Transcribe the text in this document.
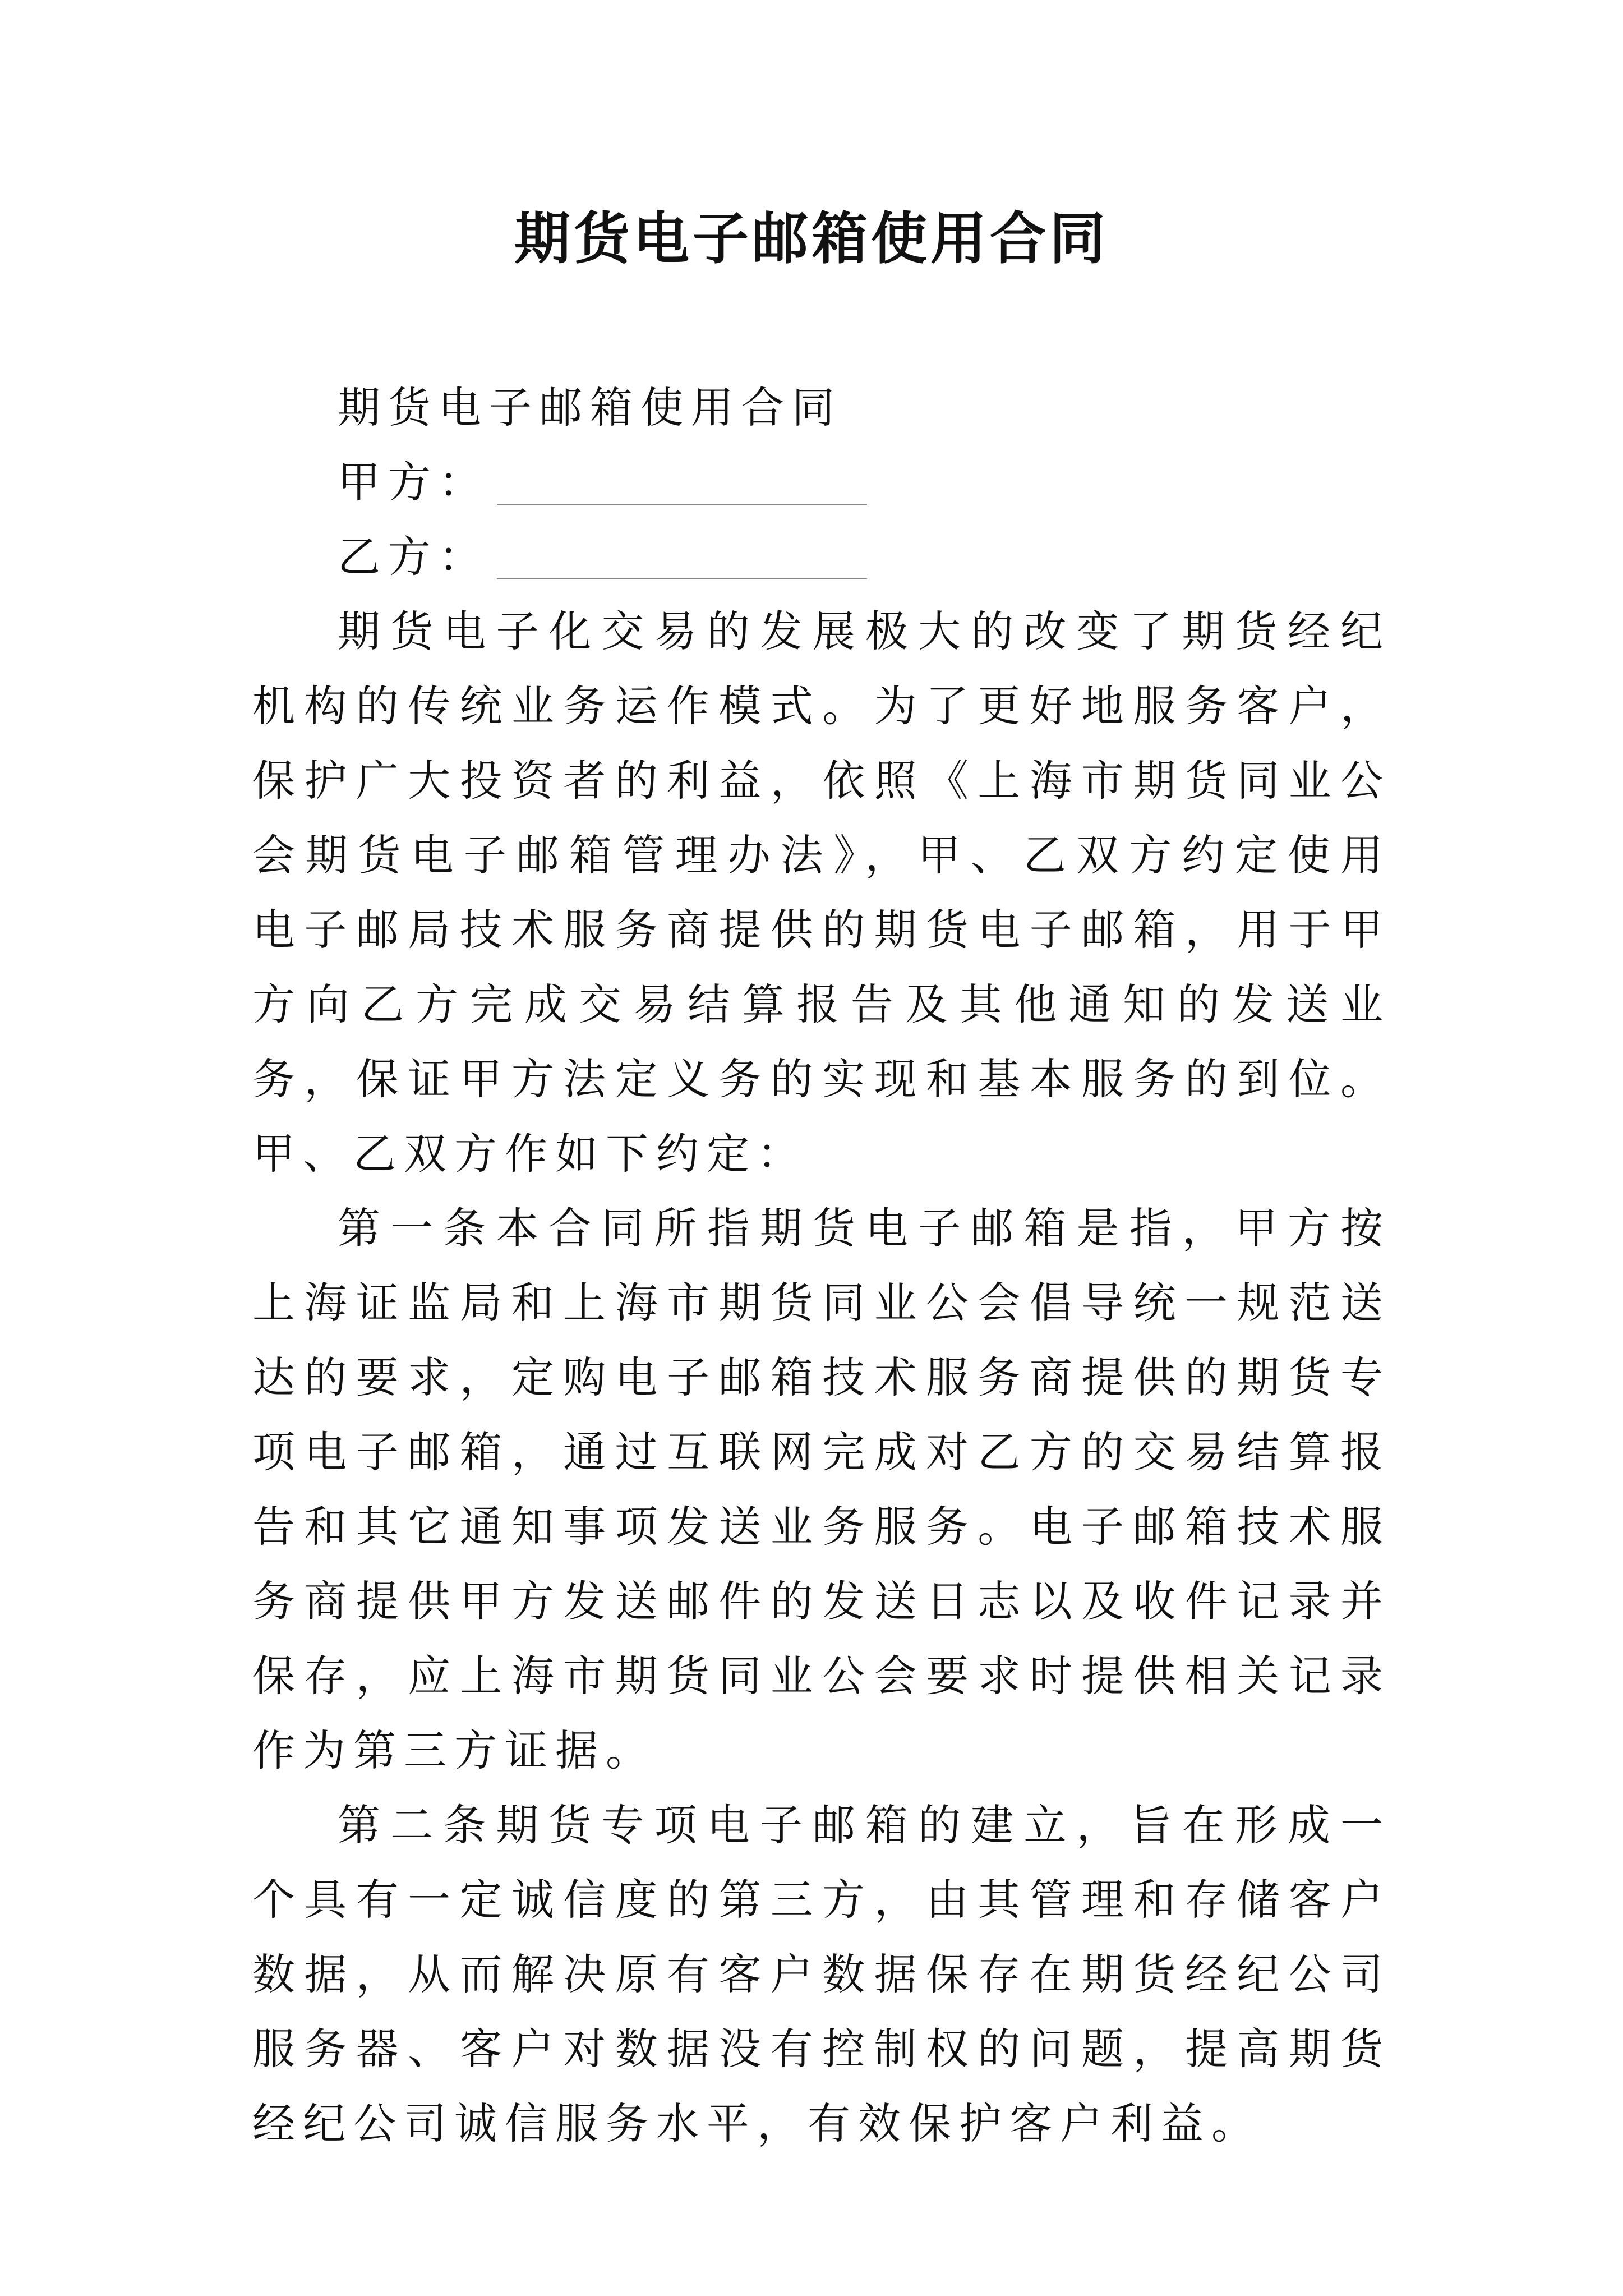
期货电子邮箱使用合同

期货电子邮箱使用合同

甲方：

乙方：

期货电子化交易的发展极大的改变了期货经纪机构的传统业务运作模式。为了更好地服务客户，保护广大投资者的利益，依照《上海市期货同业公会期货电子邮箱管理办法》，甲、乙双方约定使用电子邮局技术服务商提供的期货电子邮箱，用于甲方向乙方完成交易结算报告及其他通知的发送业务，保证甲方法定义务的实现和基本服务的到位。甲、乙双方作如下约定：

第一条本合同所指期货电子邮箱是指，甲方按上海证监局和上海市期货同业公会倡导统一规范送达的要求，定购电子邮箱技术服务商提供的期货专项电子邮箱，通过互联网完成对乙方的交易结算报告和其它通知事项发送业务服务。电子邮箱技术服务商提供甲方发送邮件的发送日志以及收件记录并保存，应上海市期货同业公会要求时提供相关记录作为第三方证据。

第二条期货专项电子邮箱的建立，旨在形成一个具有一定诚信度的第三方，由其管理和存储客户数据，从而解决原有客户数据保存在期货经纪公司服务器、客户对数据没有控制权的问题，提高期货经纪公司诚信服务水平，有效保护客户利益。
